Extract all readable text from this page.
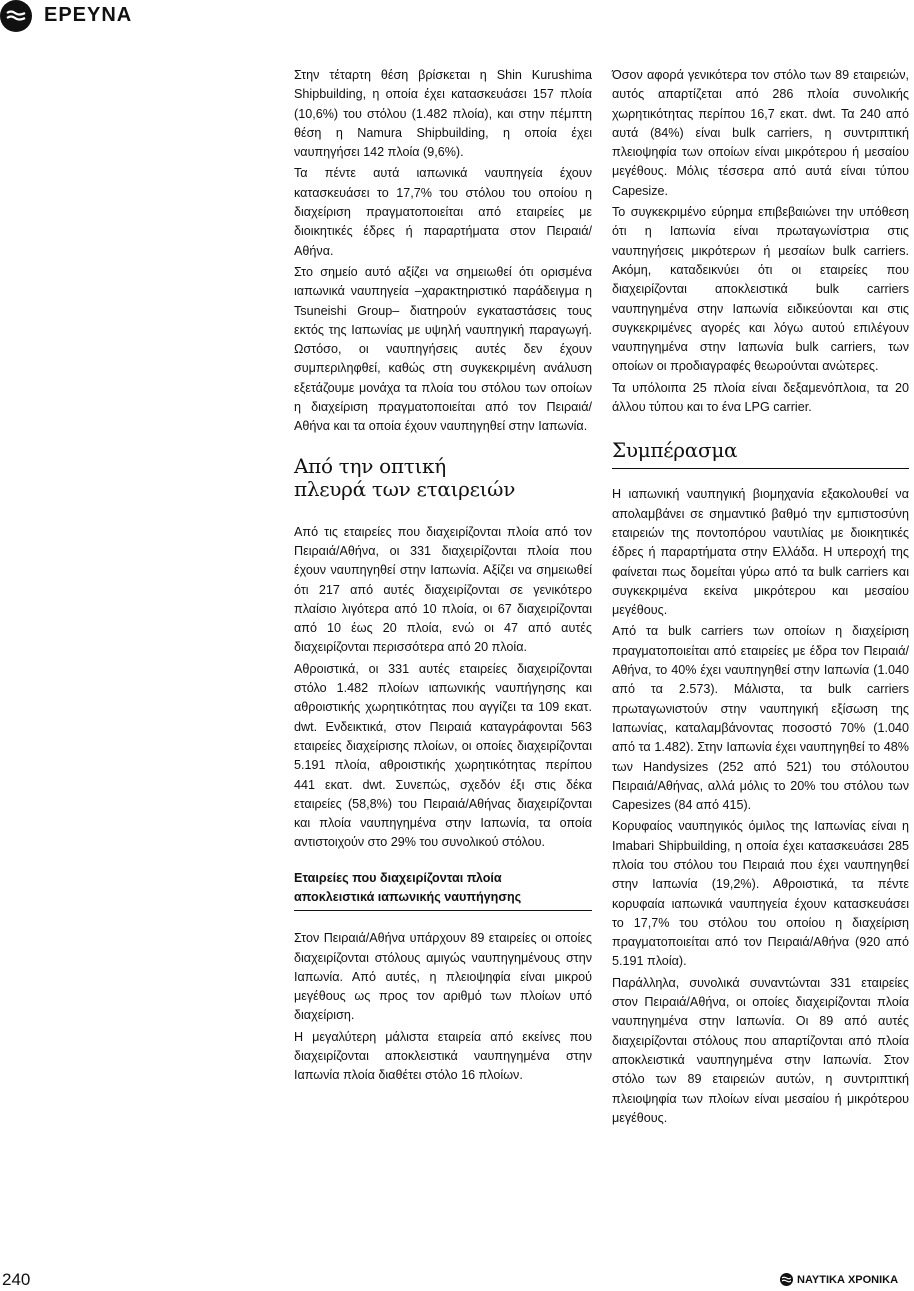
ΕΡΕΥΝΑ

Στην τέταρτη θέση βρίσκεται η Shin Kurushima Shipbuilding, η οποία έχει κατασκευάσει 157 πλοία (10,6%) του στόλου (1.482 πλοία), και στην πέμπτη θέση η Namura Shipbuilding, η οποία έχει ναυπηγήσει 142 πλοία (9,6%).

Τα πέντε αυτά ιαπωνικά ναυπηγεία έχουν κατασκευάσει το 17,7% του στόλου του οποίου η διαχείριση πραγματοποιείται από εταιρείες με διοικητικές έδρες ή παραρτήματα στον Πειραιά/Αθήνα.

Στο σημείο αυτό αξίζει να σημειωθεί ότι ορισμένα ιαπωνικά ναυπηγεία –χαρακτηριστικό παράδειγμα η Tsuneishi Group– διατηρούν εγκαταστάσεις τους εκτός της Ιαπωνίας με υψηλή ναυπηγική παραγωγή. Ωστόσο, οι ναυπηγήσεις αυτές δεν έχουν συμπεριληφθεί, καθώς στη συγκεκριμένη ανάλυση εξετάζουμε μονάχα τα πλοία του στόλου των οποίων η διαχείριση πραγματοποιείται από τον Πειραιά/Αθήνα και τα οποία έχουν ναυπηγηθεί στην Ιαπωνία.

Από την οπτική
πλευρά των εταιρειών

Από τις εταιρείες που διαχειρίζονται πλοία από τον Πειραιά/Αθήνα, οι 331 διαχειρίζονται πλοία που έχουν ναυπηγηθεί στην Ιαπωνία. Αξίζει να σημειωθεί ότι 217 από αυτές διαχειρίζονται σε γενικότερο πλαίσιο λιγότερα από 10 πλοία, οι 67 διαχειρίζονται από 10 έως 20 πλοία, ενώ οι 47 από αυτές διαχειρίζονται περισσότερα από 20 πλοία.

Αθροιστικά, οι 331 αυτές εταιρείες διαχειρίζονται στόλο 1.482 πλοίων ιαπωνικής ναυπήγησης και αθροιστικής χωρητικότητας που αγγίζει τα 109 εκατ. dwt. Ενδεικτικά, στον Πειραιά καταγράφονται 563 εταιρείες διαχείρισης πλοίων, οι οποίες διαχειρίζονται 5.191 πλοία, αθροιστικής χωρητικότητας περίπου 441 εκατ. dwt. Συνεπώς, σχεδόν έξι στις δέκα εταιρείες (58,8%) του Πειραιά/Αθήνας διαχειρίζονται και πλοία ναυπηγημένα στην Ιαπωνία, τα οποία αντιστοιχούν στο 29% του συνολικού στόλου.

Εταιρείες που διαχειρίζονται πλοία
αποκλειστικά ιαπωνικής ναυπήγησης

Στον Πειραιά/Αθήνα υπάρχουν 89 εταιρείες οι οποίες διαχειρίζονται στόλους αμιγώς ναυπηγημένους στην Ιαπωνία. Από αυτές, η πλειοψηφία είναι μικρού μεγέθους ως προς τον αριθμό των πλοίων υπό διαχείριση.

Η μεγαλύτερη μάλιστα εταιρεία από εκείνες που διαχειρίζονται αποκλειστικά ναυπηγημένα στην Ιαπωνία πλοία διαθέτει στόλο 16 πλοίων.

Όσον αφορά γενικότερα τον στόλο των 89 εταιρειών, αυτός απαρτίζεται από 286 πλοία συνολικής χωρητικότητας περίπου 16,7 εκατ. dwt. Τα 240 από αυτά (84%) είναι bulk carriers, η συντριπτική πλειοψηφία των οποίων είναι μικρότερου ή μεσαίου μεγέθους. Μόλις τέσσερα από αυτά είναι τύπου Capesize.

Το συγκεκριμένο εύρημα επιβεβαιώνει την υπόθεση ότι η Ιαπωνία είναι πρωταγωνίστρια στις ναυπηγήσεις μικρότερων ή μεσαίων bulk carriers. Ακόμη, καταδεικνύει ότι οι εταιρείες που διαχειρίζονται αποκλειστικά bulk carriers ναυπηγημένα στην Ιαπωνία ειδικεύονται και στις συγκεκριμένες αγορές και λόγω αυτού επιλέγουν ναυπηγημένα στην Ιαπωνία bulk carriers, των οποίων οι προδιαγραφές θεωρούνται ανώτερες.

Τα υπόλοιπα 25 πλοία είναι δεξαμενόπλοια, τα 20 άλλου τύπου και το ένα LPG carrier.

Συμπέρασμα

Η ιαπωνική ναυπηγική βιομηχανία εξακολουθεί να απολαμβάνει σε σημαντικό βαθμό την εμπιστοσύνη εταιρειών της ποντοπόρου ναυτιλίας με διοικητικές έδρες ή παραρτήματα στην Ελλάδα. Η υπεροχή της φαίνεται πως δομείται γύρω από τα bulk carriers και συγκεκριμένα εκείνα μικρότερου και μεσαίου μεγέθους.

Από τα bulk carriers των οποίων η διαχείριση πραγματοποιείται από εταιρείες με έδρα τον Πειραιά/Αθήνα, το 40% έχει ναυπηγηθεί στην Ιαπωνία (1.040 από τα 2.573). Μάλιστα, τα bulk carriers πρωταγωνιστούν στην ναυπηγική εξίσωση της Ιαπωνίας, καταλαμβάνοντας ποσοστό 70% (1.040 από τα 1.482). Στην Ιαπωνία έχει ναυπηγηθεί το 48% των Handysizes (252 από 521) του στόλουτου Πειραιά/Αθήνας, αλλά μόλις το 20% του στόλου των Capesizes (84 από 415).

Κορυφαίος ναυπηγικός όμιλος της Ιαπωνίας είναι η Imabari Shipbuilding, η οποία έχει κατασκευάσει 285 πλοία του στόλου του Πειραιά που έχει ναυπηγηθεί στην Ιαπωνία (19,2%). Αθροιστικά, τα πέντε κορυφαία ιαπωνικά ναυπηγεία έχουν κατασκευάσει το 17,7% του στόλου του οποίου η διαχείριση πραγματοποιείται από τον Πειραιά/Αθήνα (920 από 5.191 πλοία).

Παράλληλα, συνολικά συναντώνται 331 εταιρείες στον Πειραιά/Αθήνα, οι οποίες διαχειρίζονται πλοία ναυπηγημένα στην Ιαπωνία. Οι 89 από αυτές διαχειρίζονται στόλους που απαρτίζονται από πλοία αποκλειστικά ναυπηγημένα στην Ιαπωνία. Στον στόλο των 89 εταιρειών αυτών, η συντριπτική πλειοψηφία των πλοίων είναι μεσαίου ή μικρότερου μεγέθους.

240	ΝΑΥΤΙΚΑ ΧΡΟΝΙΚΑ
